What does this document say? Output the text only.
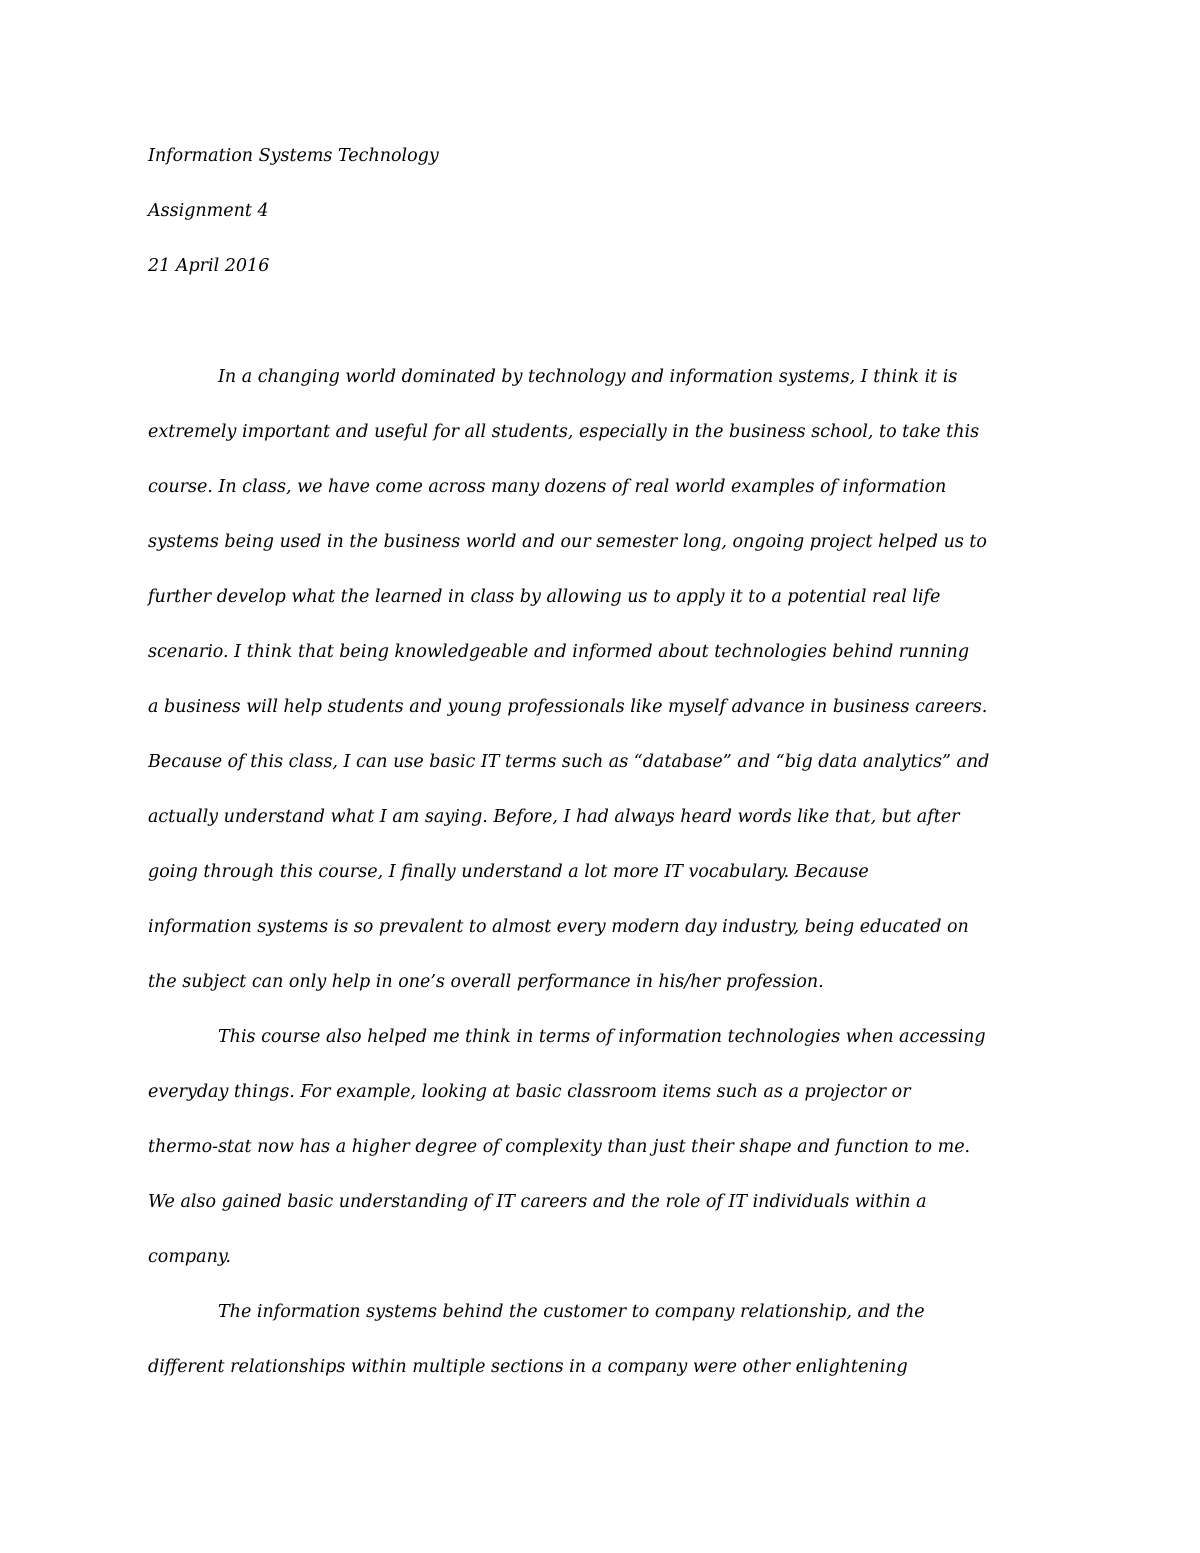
Information Systems Technology

Assignment 4

21 April 2016

In a changing world dominated by technology and information systems, I think it is

extremely important and useful for all students, especially in the business school, to take this

course. In class, we have come across many dozens of real world examples of information

systems being used in the business world and our semester long, ongoing project helped us to

further develop what the learned in class by allowing us to apply it to a potential real life

scenario. I think that being knowledgeable and informed about technologies behind running

a business will help students and young professionals like myself advance in business careers.

Because of this class, I can use basic IT terms such as “database” and “big data analytics” and

actually understand what I am saying. Before, I had always heard words like that, but after

going through this course, I finally understand a lot more IT vocabulary. Because

information systems is so prevalent to almost every modern day industry, being educated on

the subject can only help in one’s overall performance in his/her profession.

This course also helped me think in terms of information technologies when accessing

everyday things. For example, looking at basic classroom items such as a projector or

thermo-stat now has a higher degree of complexity than just their shape and function to me.

We also gained basic understanding of IT careers and the role of IT individuals within a

company.

The information systems behind the customer to company relationship, and the

different relationships within multiple sections in a company were other enlightening
